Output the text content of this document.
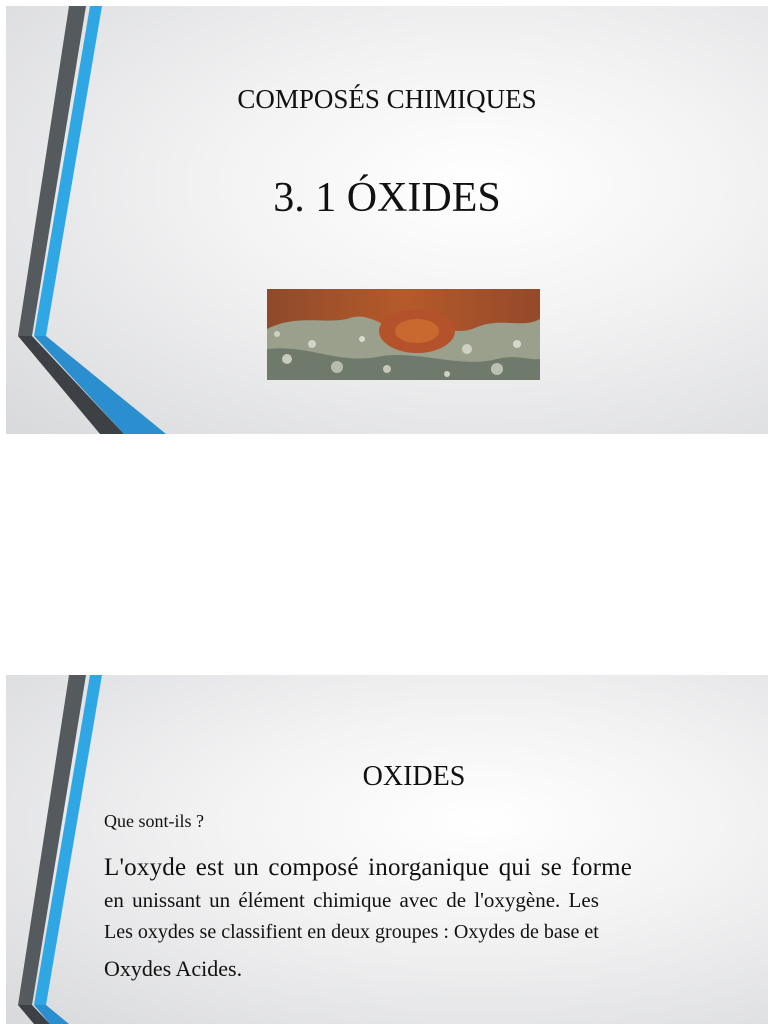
COMPOSÉS CHIMIQUES
3. 1 ÓXIDES
OXIDES
Que sont-ils ?
L'oxyde est un composé inorganique qui se forme
en unissant un élément chimique avec de l'oxygène. Les
Les oxydes se classifient en deux groupes : Oxydes de base et
Oxydes Acides.
